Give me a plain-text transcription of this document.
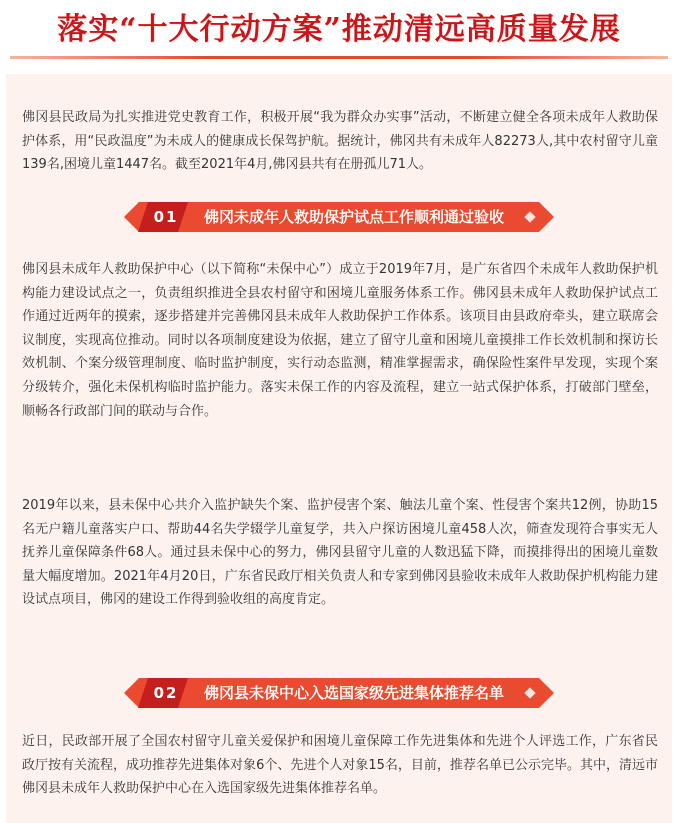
落实“十大行动方案”推动清远高质量发展

佛冈县民政局为扎实推进党史教育工作，积极开展“我为群众办实事”活动，不断建立健全各项未成年人救助保护体系，用“民政温度”为未成人的健康成长保驾护航。据统计，佛冈共有未成年人82273人,其中农村留守儿童139名,困境儿童1447名。截至2021年4月,佛冈县共有在册孤儿71人。

01	佛冈未成年人救助保护试点工作顺利通过验收

佛冈县未成年人救助保护中心（以下简称“未保中心”）成立于2019年7月，是广东省四个未成年人救助保护机构能力建设试点之一，负责组织推进全县农村留守和困境儿童服务体系工作。佛冈县未成年人救助保护试点工作通过近两年的摸索，逐步搭建并完善佛冈县未成年人救助保护工作体系。该项目由县政府牵头，建立联席会议制度，实现高位推动。同时以各项制度建设为依据，建立了留守儿童和困境儿童摸排工作长效机制和探访长效机制、个案分级管理制度、临时监护制度，实行动态监测，精准掌握需求，确保险性案件早发现，实现个案分级转介，强化未保机构临时监护能力。落实未保工作的内容及流程，建立一站式保护体系，打破部门壁垒，顺畅各行政部门间的联动与合作。

2019年以来，县未保中心共介入监护缺失个案、监护侵害个案、触法儿童个案、性侵害个案共12例，协助15名无户籍儿童落实户口、帮助44名失学辍学儿童复学，共入户探访困境儿童458人次，筛查发现符合事实无人抚养儿童保障条件68人。通过县未保中心的努力，佛冈县留守儿童的人数迅猛下降，而摸排得出的困境儿童数量大幅度增加。2021年4月20日，广东省民政厅相关负责人和专家到佛冈县验收未成年人救助保护机构能力建设试点项目，佛冈的建设工作得到验收组的高度肯定。

02	佛冈县未保中心入选国家级先进集体推荐名单

近日，民政部开展了全国农村留守儿童关爱保护和困境儿童保障工作先进集体和先进个人评选工作，广东省民政厅按有关流程，成功推荐先进集体对象6个、先进个人对象15名，目前，推荐名单已公示完毕。其中，清远市佛冈县未成年人救助保护中心在入选国家级先进集体推荐名单。
